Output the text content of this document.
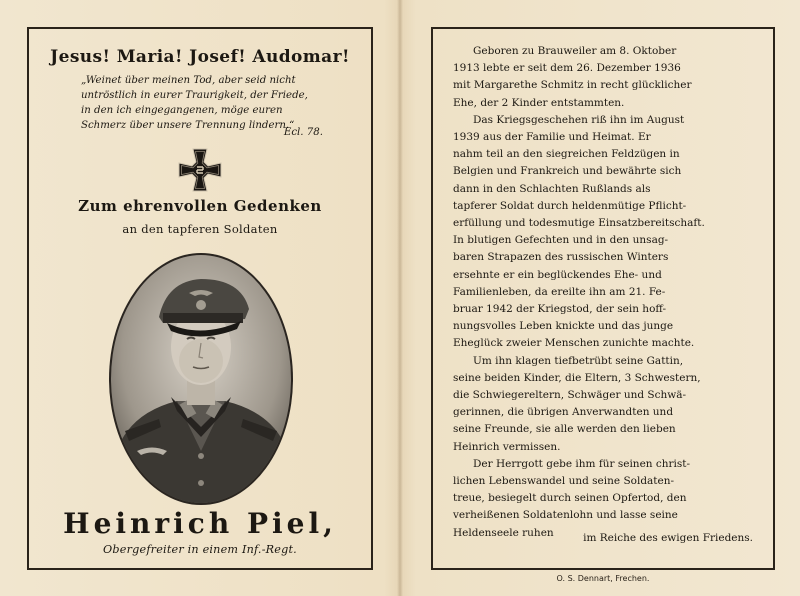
Jesus! Maria! Josef! Audomar!
„Weinet über meinen Tod, aber seid nicht
untröstlich in eurer Traurigkeit, der Friede,
in den ich eingegangenen, möge euren
Schmerz über unsere Trennung lindern.“
Ecl. 78.
Zum ehrenvollen Gedenken
an den tapferen Soldaten
Heinrich Piel,
Obergefreiter in einem Inf.-Regt.
Geboren zu Brauweiler am 8. Oktober
1913 lebte er seit dem 26. Dezember 1936
mit Margarethe Schmitz in recht glücklicher
Ehe, der 2 Kinder entstammten.
Das Kriegsgeschehen riß ihn im August
1939 aus der Familie und Heimat. Er
nahm teil an den siegreichen Feldzügen in
Belgien und Frankreich und bewährte sich
dann in den Schlachten Rußlands als
tapferer Soldat durch heldenmütige Pflicht-
erfüllung und todesmutige Einsatzbereitschaft.
In blutigen Gefechten und in den unsag-
baren Strapazen des russischen Winters
ersehnte er ein beglückendes Ehe- und
Familienleben, da ereilte ihn am 21. Fe-
bruar 1942 der Kriegstod, der sein hoff-
nungsvolles Leben knickte und das junge
Eheglück zweier Menschen zunichte machte.
Um ihn klagen tiefbetrübt seine Gattin,
seine beiden Kinder, die Eltern, 3 Schwestern,
die Schwiegereltern, Schwäger und Schwä-
gerinnen, die übrigen Anverwandten und
seine Freunde, sie alle werden den lieben
Heinrich vermissen.
Der Herrgott gebe ihm für seinen christ-
lichen Lebenswandel und seine Soldaten-
treue, besiegelt durch seinen Opfertod, den
verheißenen Soldatenlohn und lasse seine
Heldenseele ruhen	im Reiche des ewigen Friedens.
O. S. Dennart, Frechen.
